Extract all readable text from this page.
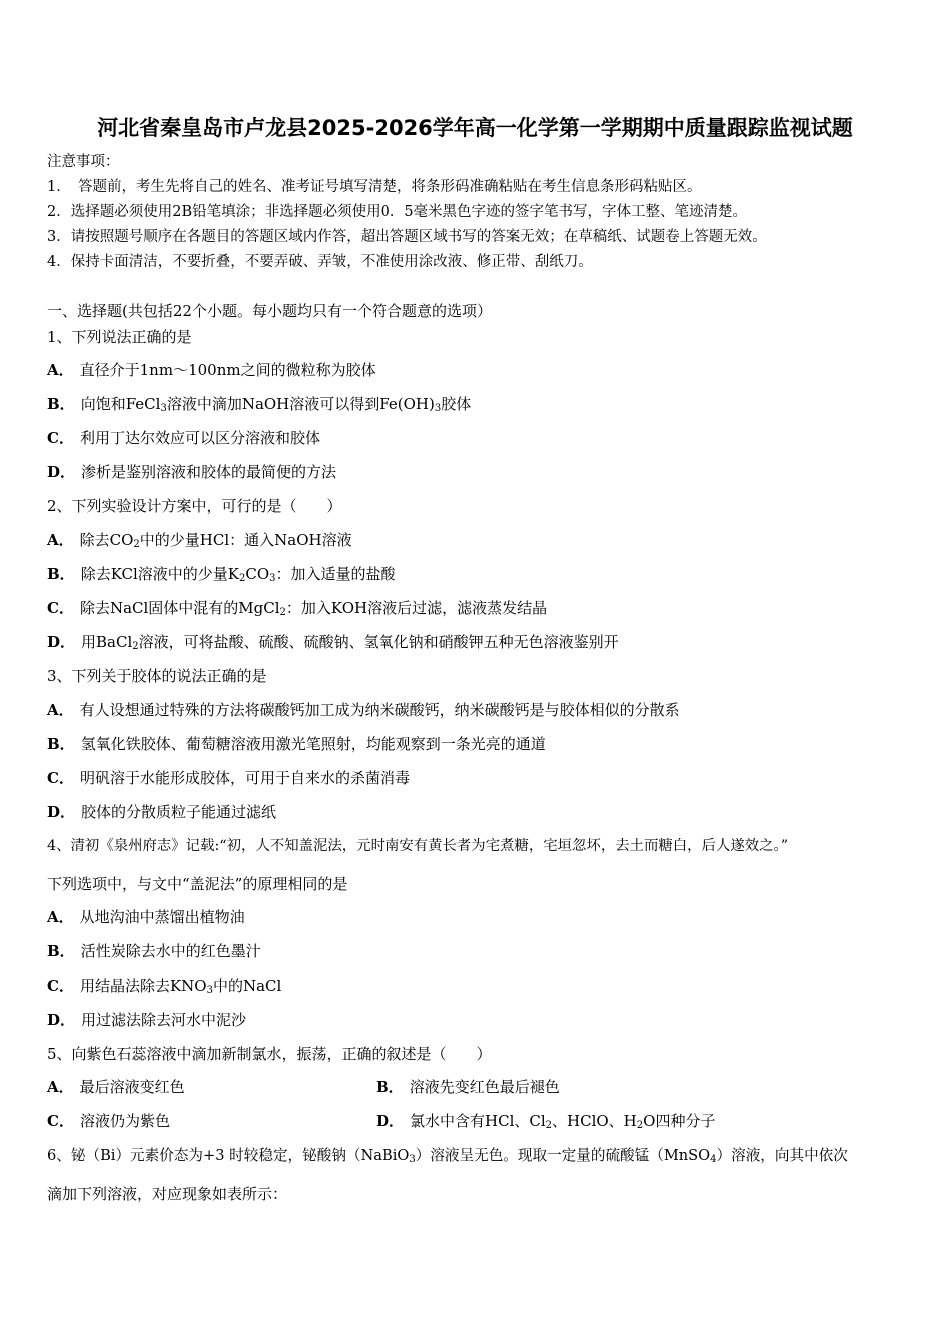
河北省秦皇岛市卢龙县2025-2026学年高一化学第一学期期中质量跟踪监视试题
注意事项：
1．　答题前，考生先将自己的姓名、准考证号填写清楚，将条形码准确粘贴在考生信息条形码粘贴区。
2．选择题必须使用2B铅笔填涂；非选择题必须使用0．5毫米黑色字迹的签字笔书写，字体工整、笔迹清楚。
3．请按照题号顺序在各题目的答题区域内作答，超出答题区域书写的答案无效；在草稿纸、试题卷上答题无效。
4．保持卡面清洁，不要折叠，不要弄破、弄皱，不准使用涂改液、修正带、刮纸刀。
一、选择题(共包括22个小题。每小题均只有一个符合题意的选项）
1、下列说法正确的是
A． 直径介于1nm～100nm之间的微粒称为胶体
B． 向饱和FeCl$_3$溶液中滴加NaOH溶液可以得到$Fe(OH)_3$胶体
C． 利用丁达尔效应可以区分溶液和胶体
D． 渗析是鉴别溶液和胶体的最简便的方法
2、下列实验设计方案中，可行的是（　　）
A． 除去$CO_2$中的少量HCl：通入NaOH溶液
B． 除去KCl溶液中的少量$K_2CO_3$：加入适量的盐酸
C． 除去NaCl固体中混有的MgCl$_2$：加入KOH溶液后过滤，滤液蒸发结晶
D． 用BaCl$_2$溶液，可将盐酸、硫酸、硫酸钠、氢氧化钠和硝酸钾五种无色溶液鉴别开
3、下列关于胶体的说法正确的是
A． 有人设想通过特殊的方法将碳酸钙加工成为纳米碳酸钙，纳米碳酸钙是与胶体相似的分散系
B． 氢氧化铁胶体、葡萄糖溶液用激光笔照射，均能观察到一条光亮的通道
C． 明矾溶于水能形成胶体，可用于自来水的杀菌消毒
D． 胶体的分散质粒子能通过滤纸
4、清初《泉州府志》记载:“初，人不知盖泥法，元时南安有黄长者为宅煮糖，宅垣忽坏，去土而糖白，后人遂效之。”
下列选项中，与文中“盖泥法”的原理相同的是
A． 从地沟油中蒸馏出植物油
B． 活性炭除去水中的红色墨汁
C． 用结晶法除去$KNO_3$中的NaCl
D． 用过滤法除去河水中泥沙
5、向紫色石蕊溶液中滴加新制氯水，振荡，正确的叙述是（　　）
A． 最后溶液变红色	B． 溶液先变红色最后褪色
C． 溶液仍为紫色	D． 氯水中含有HCl、$Cl_2$、HClO、$H_2O$四种分子
6、铋（Bi）元素价态为+3 时较稳定，铋酸钠（NaBiO$_3$）溶液呈无色。现取一定量的硫酸锰（MnSO$_4$）溶液，向其中依次
滴加下列溶液，对应现象如表所示：
